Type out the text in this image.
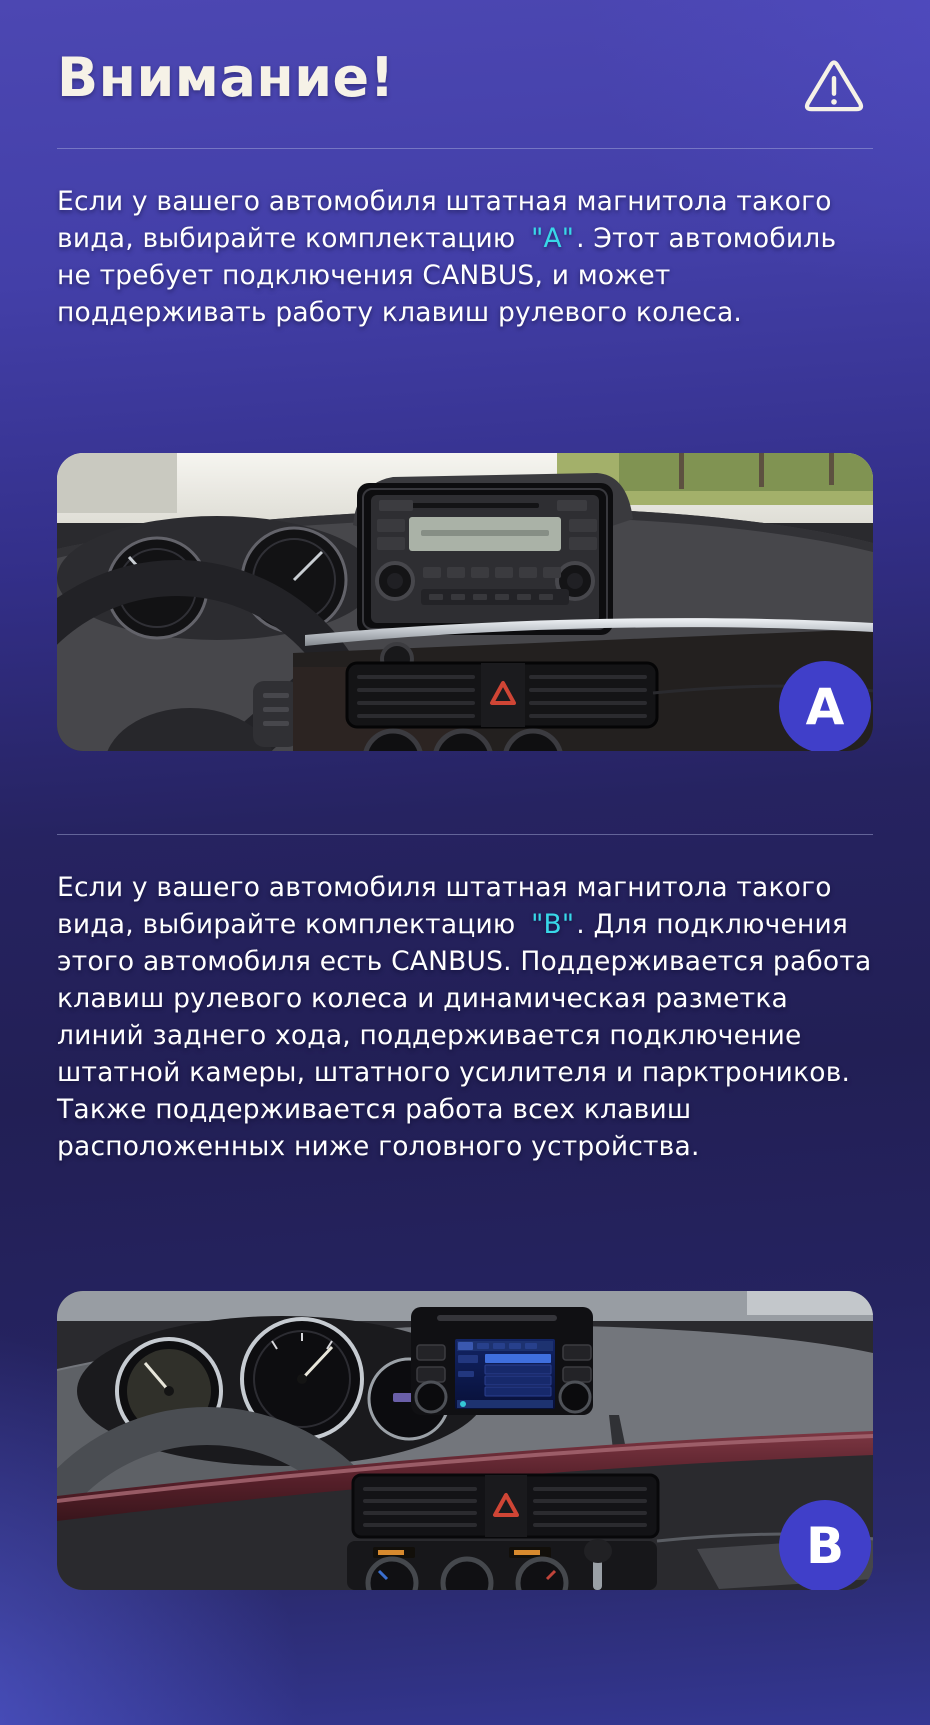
Внимание!
Если у вашего автомобиля штатная магнитола такого вида, выбирайте комплектацию "A". Этот автомобиль не требует подключения CANBUS, и может поддерживать работу клавиш рулевого колеса.
A
Если у вашего автомобиля штатная магнитола такого вида, выбирайте комплектацию "B". Для подключения этого автомобиля есть CANBUS. Поддерживается работа клавиш рулевого колеса и динамическая разметка линий заднего хода, поддерживается подключение штатной камеры, штатного усилителя и парктроников. Также поддерживается работа всех клавиш расположенных ниже головного устройства.
B
